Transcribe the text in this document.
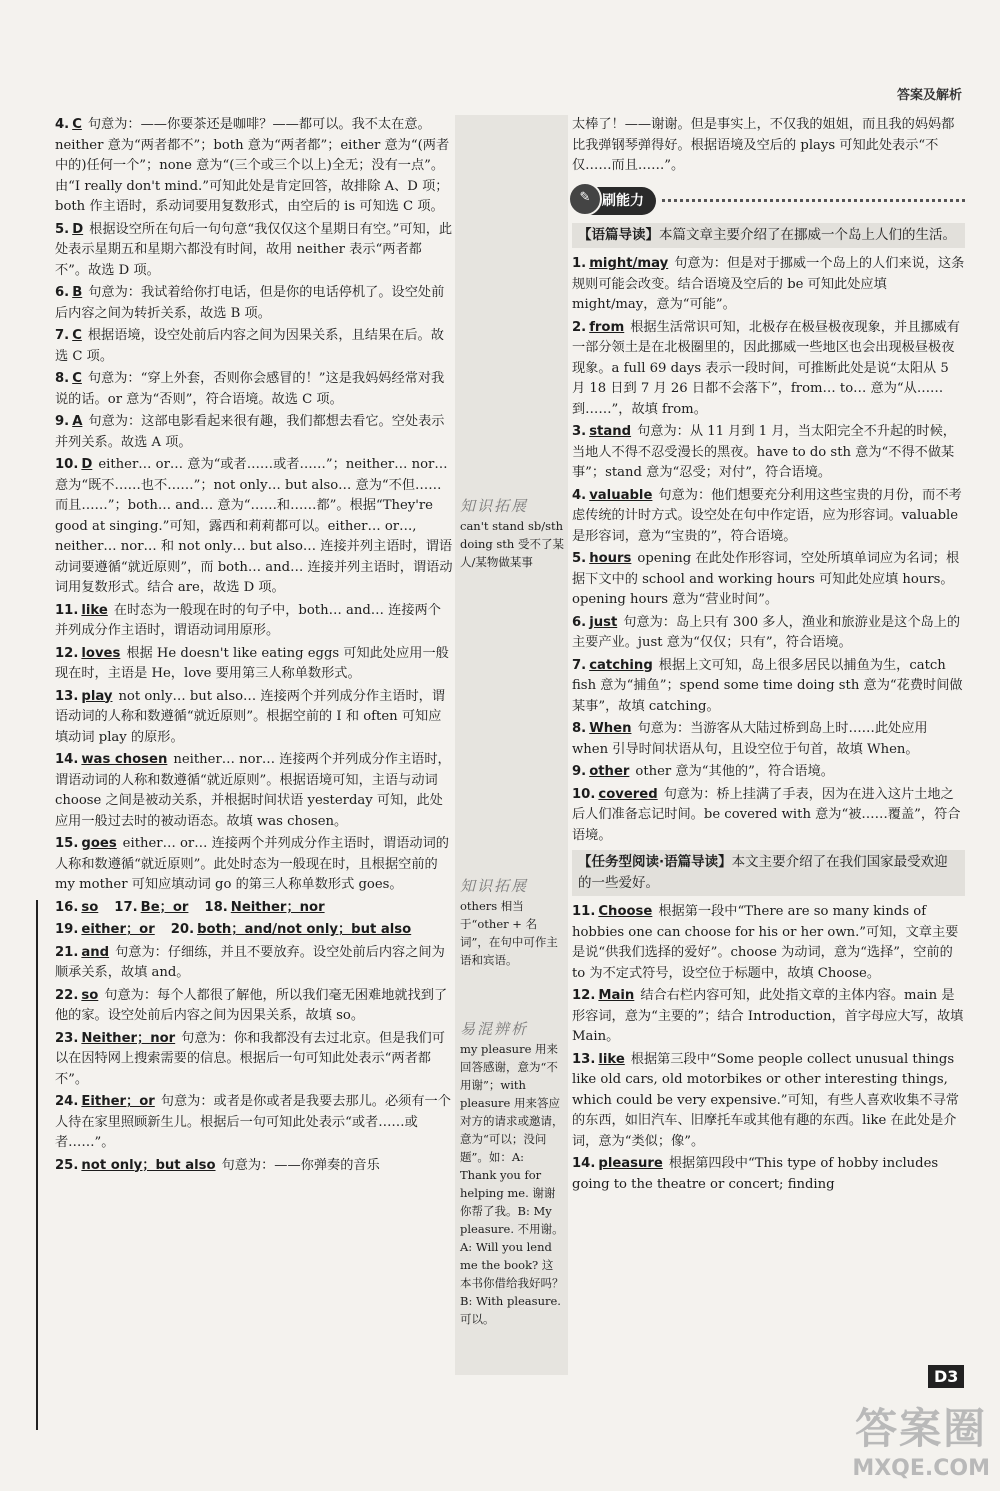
答案及解析
4. C 句意为：——你要茶还是咖啡？——都可以。我不太在意。neither 意为“两者都不”；both 意为“两者都”；either 意为“(两者中的)任何一个”；none 意为“(三个或三个以上)全无；没有一点”。由“I really don't mind.”可知此处是肯定回答，故排除 A、D 项；both 作主语时，系动词要用复数形式，由空后的 is 可知选 C 项。
5. D 根据设空所在句后一句句意“我仅仅这个星期日有空。”可知，此处表示星期五和星期六都没有时间，故用 neither 表示“两者都不”。故选 D 项。
6. B 句意为：我试着给你打电话，但是你的电话停机了。设空处前后内容之间为转折关系，故选 B 项。
7. C 根据语境，设空处前后内容之间为因果关系，且结果在后。故选 C 项。
8. C 句意为：“穿上外套，否则你会感冒的！”这是我妈妈经常对我说的话。or 意为“否则”，符合语境。故选 C 项。
9. A 句意为：这部电影看起来很有趣，我们都想去看它。空处表示并列关系。故选 A 项。
10. D either… or… 意为“或者……或者……”；neither… nor… 意为“既不……也不……”；not only… but also… 意为“不但……而且……”；both… and… 意为“……和……都”。根据“They're good at singing.”可知，露西和莉莉都可以。either… or…, neither… nor… 和 not only… but also… 连接并列主语时，谓语动词要遵循“就近原则”，而 both… and… 连接并列主语时，谓语动词用复数形式。结合 are，故选 D 项。
11. like 在时态为一般现在时的句子中，both… and… 连接两个并列成分作主语时，谓语动词用原形。
12. loves 根据 He doesn't like eating eggs 可知此处应用一般现在时，主语是 He，love 要用第三人称单数形式。
13. play not only… but also… 连接两个并列成分作主语时，谓语动词的人称和数遵循“就近原则”。根据空前的 I 和 often 可知应填动词 play 的原形。
14. was chosen neither… nor… 连接两个并列成分作主语时，谓语动词的人称和数遵循“就近原则”。根据语境可知，主语与动词 choose 之间是被动关系，并根据时间状语 yesterday 可知，此处应用一般过去时的被动语态。故填 was chosen。
15. goes either… or… 连接两个并列成分作主语时，谓语动词的人称和数遵循“就近原则”。此处时态为一般现在时，且根据空前的 my mother 可知应填动词 go 的第三人称单数形式 goes。
16. so 17. Be；or 18. Neither；nor
19. either；or 20. both；and/not only；but also
21. and 句意为：仔细练，并且不要放弃。设空处前后内容之间为顺承关系，故填 and。
22. so 句意为：每个人都很了解他，所以我们毫无困难地就找到了他的家。设空处前后内容之间为因果关系，故填 so。
23. Neither；nor 句意为：你和我都没有去过北京。但是我们可以在因特网上搜索需要的信息。根据后一句可知此处表示“两者都不”。
24. Either；or 句意为：或者是你或者是我要去那儿。必须有一个人待在家里照顾新生儿。根据后一句可知此处表示“或者……或者……”。
25. not only；but also 句意为：——你弹奏的音乐
知识拓展
can't stand sb/sth doing sth 受不了某人/某物做某事
知识拓展
others 相当于“other + 名词”，在句中可作主语和宾语。
易混辨析
my pleasure 用来回答感谢，意为“不用谢”；with pleasure 用来答应对方的请求或邀请，意为“可以；没问题”。如：A: Thank you for helping me. 谢谢你帮了我。B: My pleasure. 不用谢。A: Will you lend me the book? 这本书你借给我好吗？B: With pleasure. 可以。
太棒了！——谢谢。但是事实上，不仅我的姐姐，而且我的妈妈都比我弹钢琴弹得好。根据语境及空后的 plays 可知此处表示“不仅……而且……”。
✎ 刷能力
【语篇导读】本篇文章主要介绍了在挪威一个岛上人们的生活。
1. might/may 句意为：但是对于挪威一个岛上的人们来说，这条规则可能会改变。结合语境及空后的 be 可知此处应填 might/may，意为“可能”。
2. from 根据生活常识可知，北极存在极昼极夜现象，并且挪威有一部分领土是在北极圈里的，因此挪威一些地区也会出现极昼极夜现象。a full 69 days 表示一段时间，可推断此处是说“太阳从 5 月 18 日到 7 月 26 日都不会落下”，from… to… 意为“从……到……”，故填 from。
3. stand 句意为：从 11 月到 1 月，当太阳完全不升起的时候，当地人不得不忍受漫长的黑夜。have to do sth 意为“不得不做某事”；stand 意为“忍受；对付”，符合语境。
4. valuable 句意为：他们想要充分利用这些宝贵的月份，而不考虑传统的计时方式。设空处在句中作定语，应为形容词。valuable 是形容词，意为“宝贵的”，符合语境。
5. hours opening 在此处作形容词，空处所填单词应为名词；根据下文中的 school and working hours 可知此处应填 hours。opening hours 意为“营业时间”。
6. just 句意为：岛上只有 300 多人，渔业和旅游业是这个岛上的主要产业。just 意为“仅仅；只有”，符合语境。
7. catching 根据上文可知，岛上很多居民以捕鱼为生，catch fish 意为“捕鱼”；spend some time doing sth 意为“花费时间做某事”，故填 catching。
8. When 句意为：当游客从大陆过桥到岛上时……此处应用 when 引导时间状语从句，且设空位于句首，故填 When。
9. other other 意为“其他的”，符合语境。
10. covered 句意为：桥上挂满了手表，因为在进入这片土地之后人们准备忘记时间。be covered with 意为“被……覆盖”，符合语境。
【任务型阅读·语篇导读】本文主要介绍了在我们国家最受欢迎的一些爱好。
11. Choose 根据第一段中“There are so many kinds of hobbies one can choose for his or her own.”可知，文章主要是说“供我们选择的爱好”。choose 为动词，意为“选择”，空前的 to 为不定式符号，设空位于标题中，故填 Choose。
12. Main 结合右栏内容可知，此处指文章的主体内容。main 是形容词，意为“主要的”；结合 Introduction，首字母应大写，故填 Main。
13. like 根据第三段中“Some people collect unusual things like old cars, old motorbikes or other interesting things, which could be very expensive.”可知，有些人喜欢收集不寻常的东西，如旧汽车、旧摩托车或其他有趣的东西。like 在此处是介词，意为“类似；像”。
14. pleasure 根据第四段中“This type of hobby includes going to the theatre or concert; finding
D3
答案圈
MXQE.COM
